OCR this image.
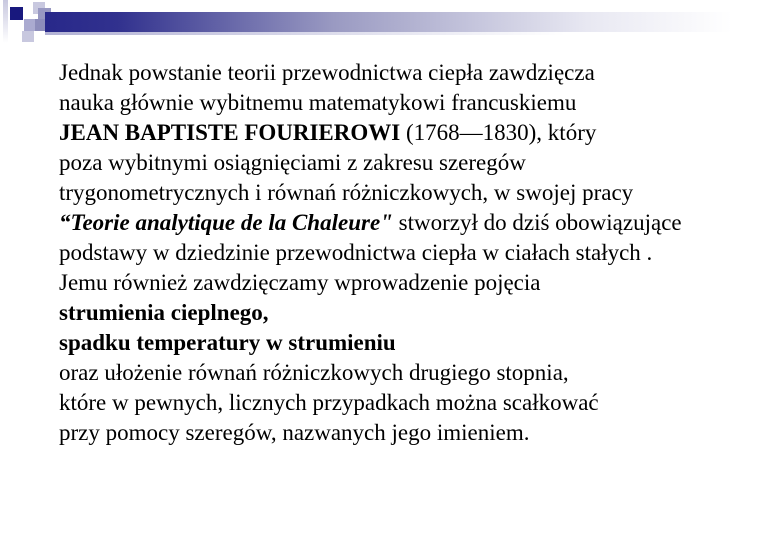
Jednak powstanie teorii przewodnictwa ciepła zawdzięcza
nauka głównie wybitnemu matematykowi francuskiemu
JEAN BAPTISTE FOURIEROWI (1768—1830), który
poza wybitnymi osiągnięciami z zakresu szeregów
trygonometrycznych i równań różniczkowych, w swojej pracy
“Teorie analytique de la Chaleure" stworzył do dziś obowiązujące
podstawy w dziedzinie przewodnictwa ciepła w ciałach stałych .
Jemu również zawdzięczamy wprowadzenie pojęcia
strumienia cieplnego,
spadku temperatury w strumieniu
oraz ułożenie równań różniczkowych drugiego stopnia,
które w pewnych, licznych przypadkach można scałkować
przy pomocy szeregów, nazwanych jego imieniem.
